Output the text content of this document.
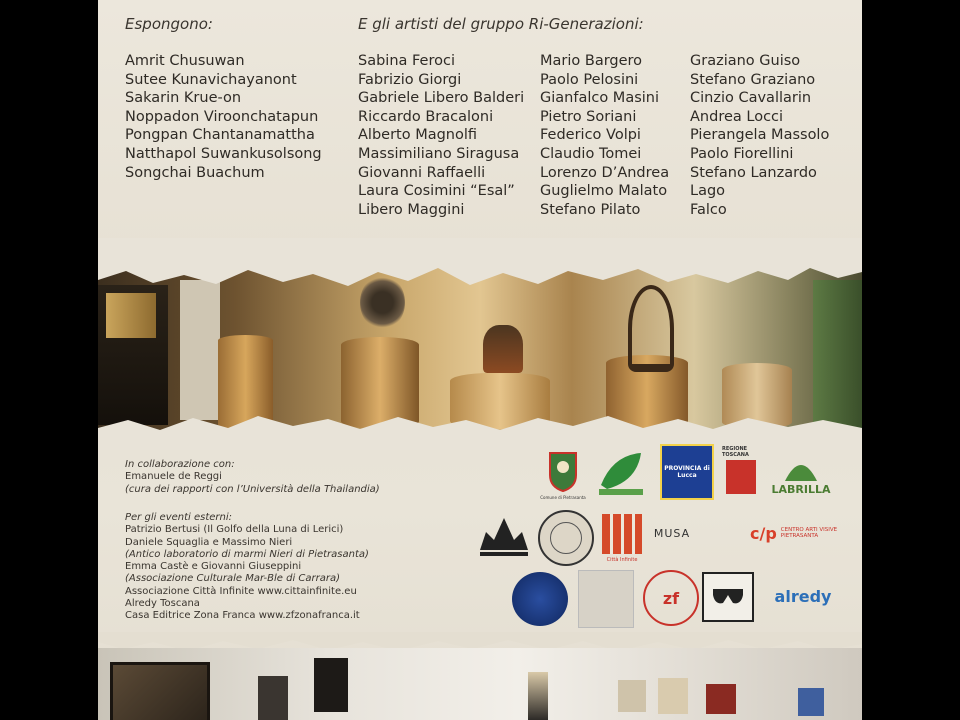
Espongono:	E gli artisti del gruppo Ri-Generazioni:
Amrit Chusuwan
Sutee Kunavichayanont
Sakarin Krue-on
Noppadon Viroonchatapun
Pongpan Chantanamattha
Natthapol Suwankusolsong
Songchai Buachum
Sabina Feroci
Fabrizio Giorgi
Gabriele Libero Balderi
Riccardo Bracaloni
Alberto Magnolfi
Massimiliano Siragusa
Giovanni Raffaelli
Laura Cosimini “Esal”
Libero Maggini
Mario Bargero
Paolo Pelosini
Gianfalco Masini
Pietro Soriani
Federico Volpi
Claudio Tomei
Lorenzo D’Andrea
Guglielmo Malato
Stefano Pilato
Graziano Guiso
Stefano Graziano
Cinzio Cavallarin
Andrea Locci
Pierangela Massolo
Paolo Fiorellini
Stefano Lanzardo
Lago
Falco
In collaborazione con:
Emanuele de Reggi
(cura dei rapporti con l’Università della Thailandia)
Per gli eventi esterni:
Patrizio Bertusi (Il Golfo della Luna di Lerici)
Daniele Squaglia e Massimo Nieri
(Antico laboratorio di marmi Nieri di Pietrasanta)
Emma Castè e Giovanni Giuseppini
(Associazione Culturale Mar-Ble di Carrara)
Associazione Città Infinite www.cittainfinite.eu
Alredy Toscana
Casa Editrice Zona Franca www.zfzonafranca.it
Comune di Pietrasanta
PROVINCIA di Lucca
REGIONE TOSCANA
LABRILLA
Città Infinite
MUSA	c/p CENTRO ARTI VISIVE PIETRASANTA
zf	alredy
